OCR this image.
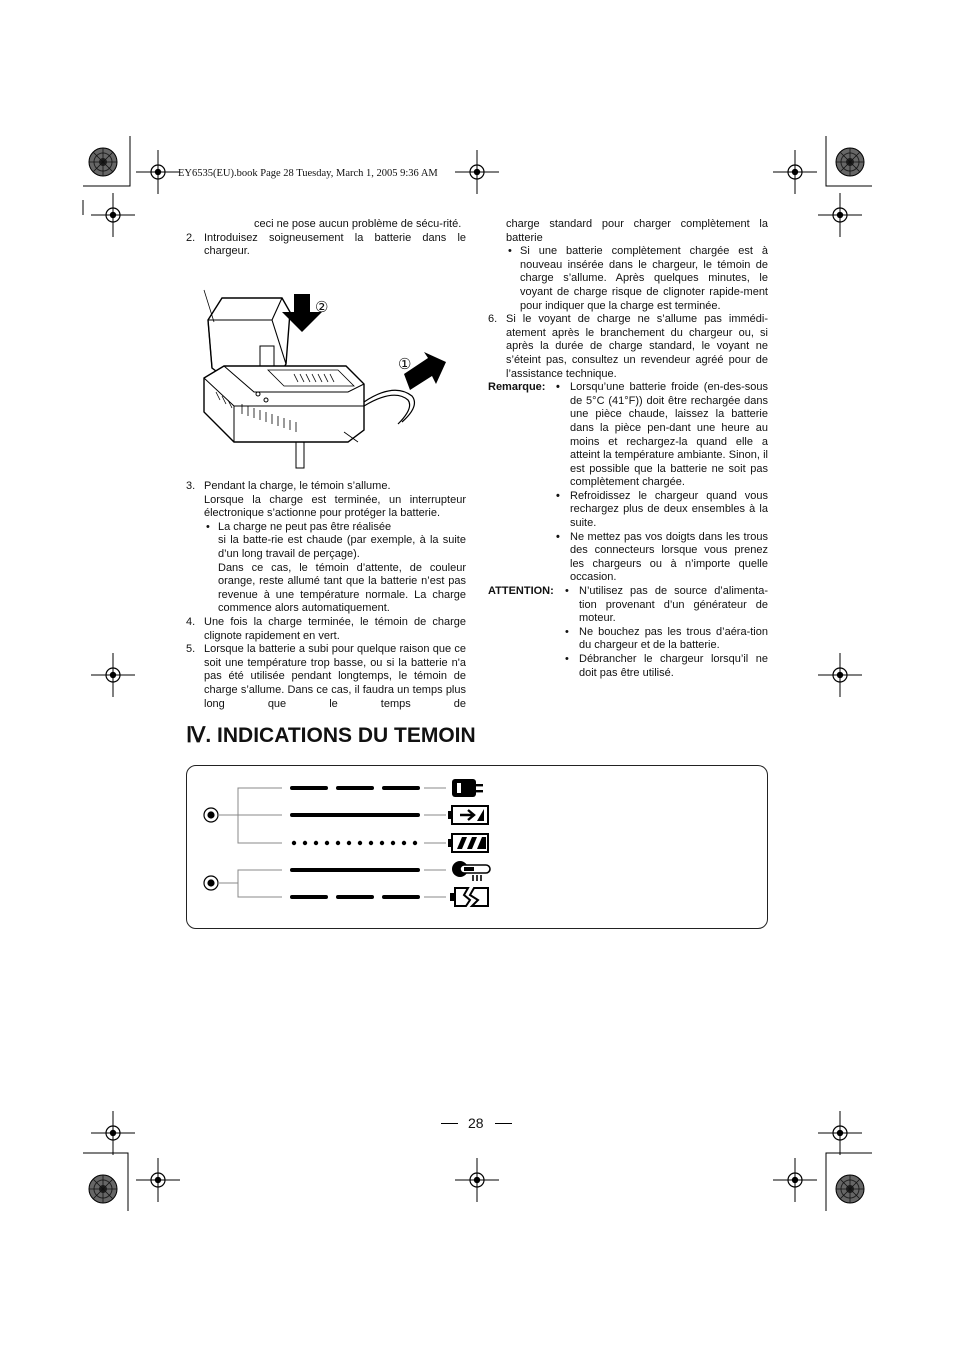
EY6535(EU).book Page 28 Tuesday, March 1, 2005 9:36 AM
ceci ne pose aucun problème de sécu-rité.
2. Introduisez soigneusement la batterie dans le chargeur.
②
①
3. Pendant la charge, le témoin s’allume.
Lorsque la charge est terminée, un interrupteur électronique s’actionne pour protéger la batterie.
• La charge ne peut pas être réalisée
si la batte-rie est chaude (par exemple, à la suite d’un long travail de perçage).
Dans ce cas, le témoin d’attente, de couleur orange, reste allumé tant que la batterie n’est pas revenue à une température normale. La charge commence alors automatiquement.
4. Une fois la charge terminée, le témoin de charge clignote rapidement en vert.
5. Lorsque la batterie a subi pour quelque raison que ce soit une température trop basse, ou si la batterie n'a pas été utilisée pendant longtemps, le témoin de charge s’allume. Dans ce cas, il faudra un temps plus long que le temps de
charge standard pour charger complètement la batterie
• Si une batterie complètement chargée est à nouveau insérée dans le chargeur, le témoin de charge s’allume. Après quelques minutes, le voyant de charge risque de clignoter rapide-ment pour indiquer que la charge est terminée.
6. Si le voyant de charge ne s’allume pas immédi-atement après le branchement du chargeur ou, si après la durée de charge standard, le voyant ne s’éteint pas, consultez un revendeur agréé pour de l’assistance technique.
Remarque: • Lorsqu’une batterie froide (en-des-sous de 5°C (41°F)) doit être rechargée dans une pièce chaude, laissez la batterie dans la pièce pen-dant une heure au moins et rechargez-la quand elle a atteint la température ambiante. Sinon, il est possible que la batterie ne soit pas complètement chargée.
• Refroidissez le chargeur quand vous rechargez plus de deux ensembles à la suite.
• Ne mettez pas vos doigts dans les trous des connecteurs lorsque vous prenez les chargeurs ou à n’importe quelle occasion.
ATTENTION: • N’utilisez pas de source d’alimenta-tion provenant d’un générateur de moteur.
• Ne bouchez pas les trous d’aéra-tion du chargeur et de la batterie.
• Débrancher le chargeur lorsqu’il ne doit pas être utilisé.
Ⅳ. INDICATIONS DU TEMOIN
28
